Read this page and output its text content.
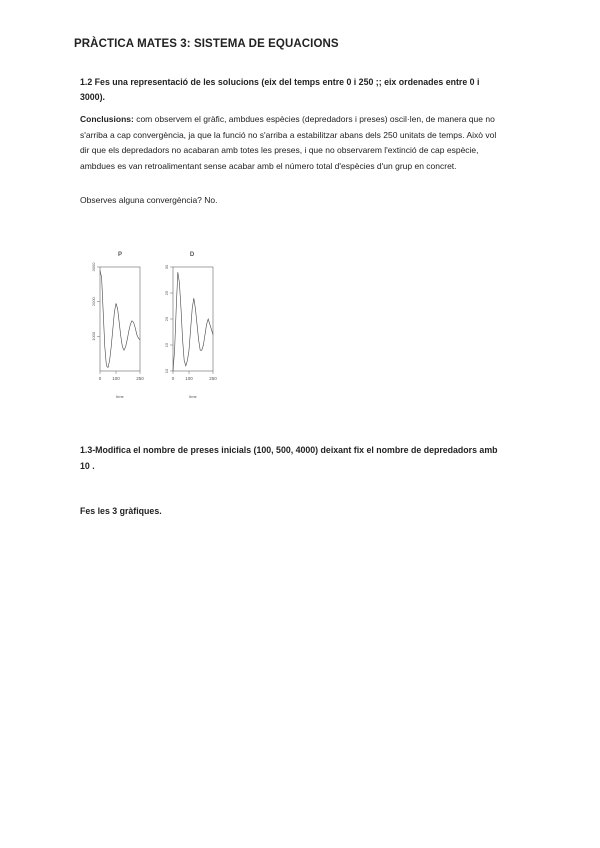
PRÀCTICA MATES 3: SISTEMA DE EQUACIONS
1.2 Fes una representació de les solucions (eix del temps entre 0 i 250 ;; eix ordenades entre 0 i 3000).
Conclusions: com observem el gràfic, ambdues espècies (depredadors i preses) oscil·len, de manera que no s'arriba a cap convergència, ja que la funció no s'arriba a estabilitzar abans dels 250 unitats de temps. Això vol dir que els depredadors no acabaran amb totes les preses, i que no observarem l'extinció de cap espècie, ambdues es van retroalimentant sense acabar amb el número total d'espècies d'un grup en concret.
Observes alguna convergència? No.
P
1000
2000
3000
0 100	250
time
D
10
15
20
25
30
0 100	250
time
1.3-Modifica el nombre de preses inicials (100, 500, 4000) deixant fix el nombre de depredadors amb 10 .
Fes les 3 gràfiques.
